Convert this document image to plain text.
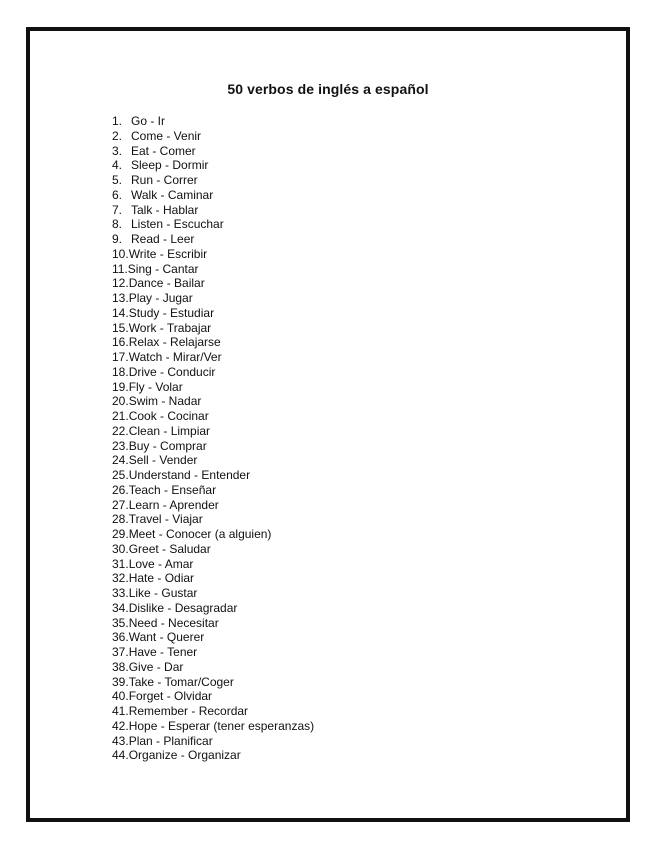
50 verbos de inglés a español
1. Go - Ir
2. Come - Venir
3. Eat - Comer
4. Sleep - Dormir
5. Run - Correr
6. Walk - Caminar
7. Talk - Hablar
8. Listen - Escuchar
9. Read - Leer
10. Write - Escribir
11. Sing - Cantar
12. Dance - Bailar
13. Play - Jugar
14. Study - Estudiar
15. Work - Trabajar
16. Relax - Relajarse
17. Watch - Mirar/Ver
18. Drive - Conducir
19. Fly - Volar
20. Swim - Nadar
21. Cook - Cocinar
22. Clean - Limpiar
23. Buy - Comprar
24. Sell - Vender
25. Understand - Entender
26. Teach - Enseñar
27. Learn - Aprender
28. Travel - Viajar
29. Meet - Conocer (a alguien)
30. Greet - Saludar
31. Love - Amar
32. Hate - Odiar
33. Like - Gustar
34. Dislike - Desagradar
35. Need - Necesitar
36. Want - Querer
37. Have - Tener
38. Give - Dar
39. Take - Tomar/Coger
40. Forget - Olvidar
41. Remember - Recordar
42. Hope - Esperar (tener esperanzas)
43. Plan - Planificar
44. Organize - Organizar
